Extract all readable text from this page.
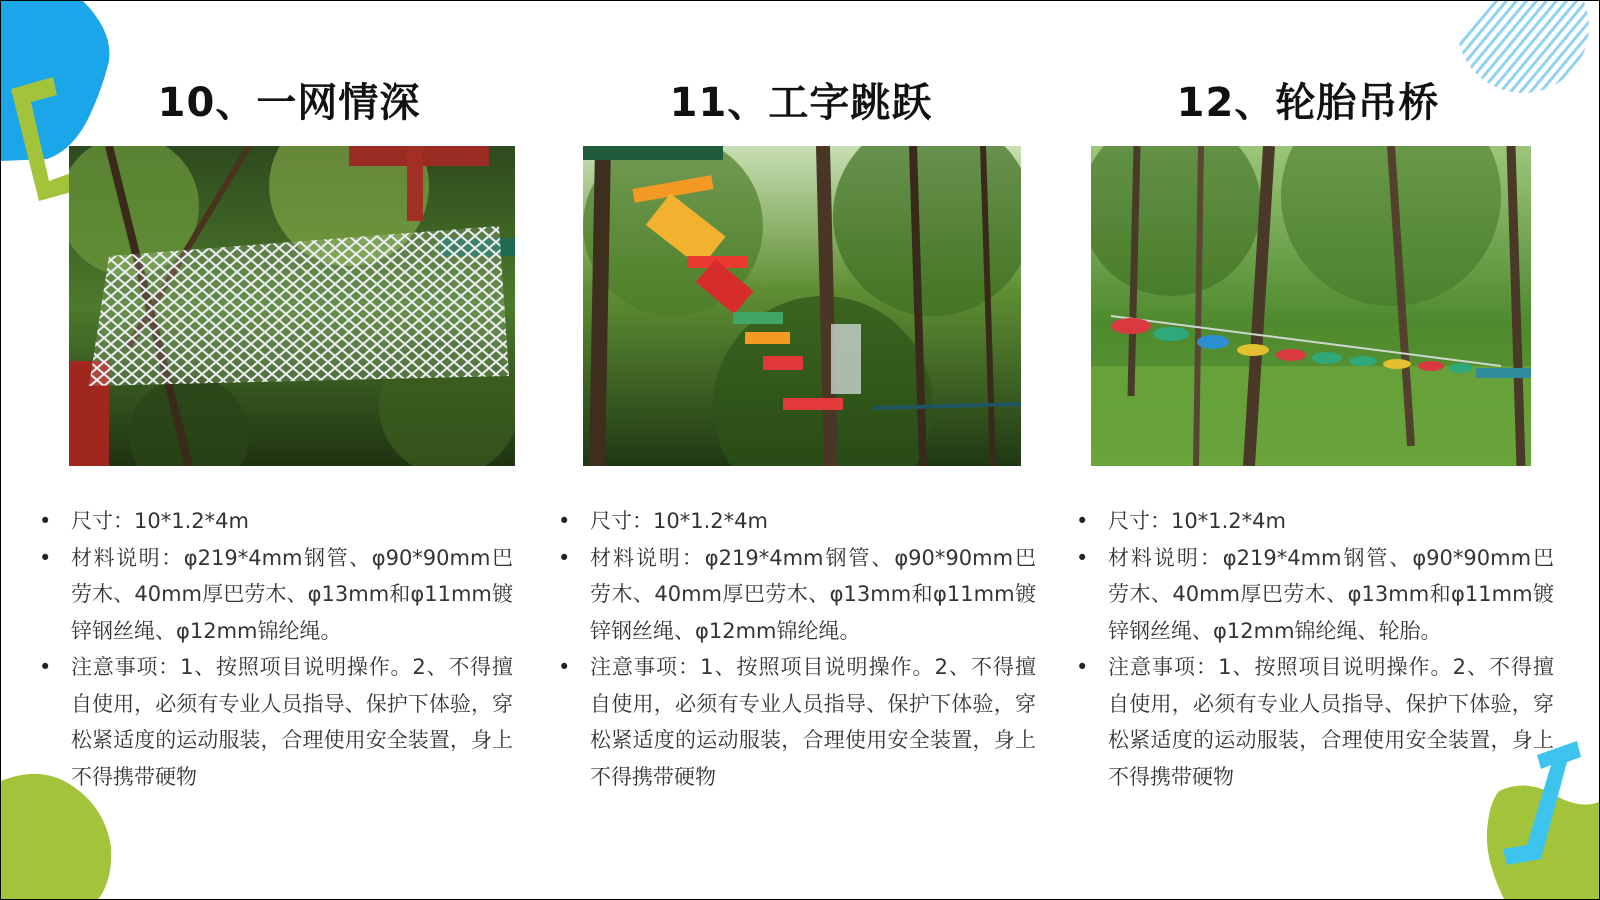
10、一网情深
• 尺寸：10*1.2*4m
• 材料说明：φ219*4mm钢管、φ90*90mm巴劳木、40mm厚巴劳木、φ13mm和φ11mm镀锌钢丝绳、φ12mm锦纶绳。
• 注意事项：1、按照项目说明操作。2、不得擅自使用，必须有专业人员指导、保护下体验，穿松紧适度的运动服装，合理使用安全装置，身上不得携带硬物
11、工字跳跃
• 尺寸：10*1.2*4m
• 材料说明：φ219*4mm钢管、φ90*90mm巴劳木、40mm厚巴劳木、φ13mm和φ11mm镀锌钢丝绳、φ12mm锦纶绳。
• 注意事项：1、按照项目说明操作。2、不得擅自使用，必须有专业人员指导、保护下体验，穿松紧适度的运动服装，合理使用安全装置，身上不得携带硬物
12、轮胎吊桥
• 尺寸：10*1.2*4m
• 材料说明：φ219*4mm钢管、φ90*90mm巴劳木、40mm厚巴劳木、φ13mm和φ11mm镀锌钢丝绳、φ12mm锦纶绳、轮胎。
• 注意事项：1、按照项目说明操作。2、不得擅自使用，必须有专业人员指导、保护下体验，穿松紧适度的运动服装，合理使用安全装置，身上不得携带硬物
